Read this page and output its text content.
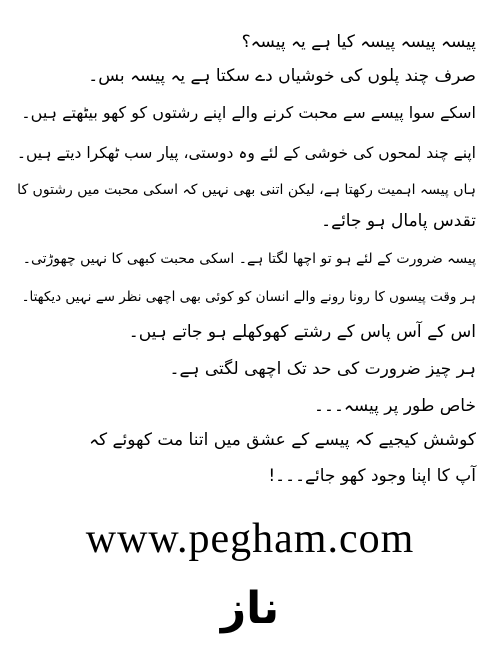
پیسہ پیسہ پیسہ کیا ہے یہ پیسہ؟
صرف چند پلوں کی خوشیاں دے سکتا ہے یہ پیسہ بس۔
اسکے سوا پیسے سے محبت کرنے والے اپنے رشتوں کو کھو بیٹھتے ہیں۔
اپنے چند لمحوں کی خوشی کے لئے وہ دوستی، پیار سب ٹھکرا دیتے ہیں۔
ہاں پیسہ اہمیت رکھتا ہے، لیکن اتنی بھی نہیں کہ اسکی محبت میں رشتوں کا
تقدس پامال ہو جائے۔
پیسہ ضرورت کے لئے ہو تو اچھا لگتا ہے۔ اسکی محبت کبھی کا نہیں چھوڑتی۔
ہر وقت پیسوں کا رونا رونے والے انسان کو کوئی بھی اچھی نظر سے نہیں دیکھتا۔
اس کے آس پاس کے رشتے کھوکھلے ہو جاتے ہیں۔
ہر چیز ضرورت کی حد تک اچھی لگتی ہے۔
خاص طور پر پیسہ۔۔۔
کوشش کیجیے کہ پیسے کے عشق میں اتنا مت کھوئے کہ
آپ کا اپنا وجود کھو جائے۔۔۔!
www.pegham.com
ناز
